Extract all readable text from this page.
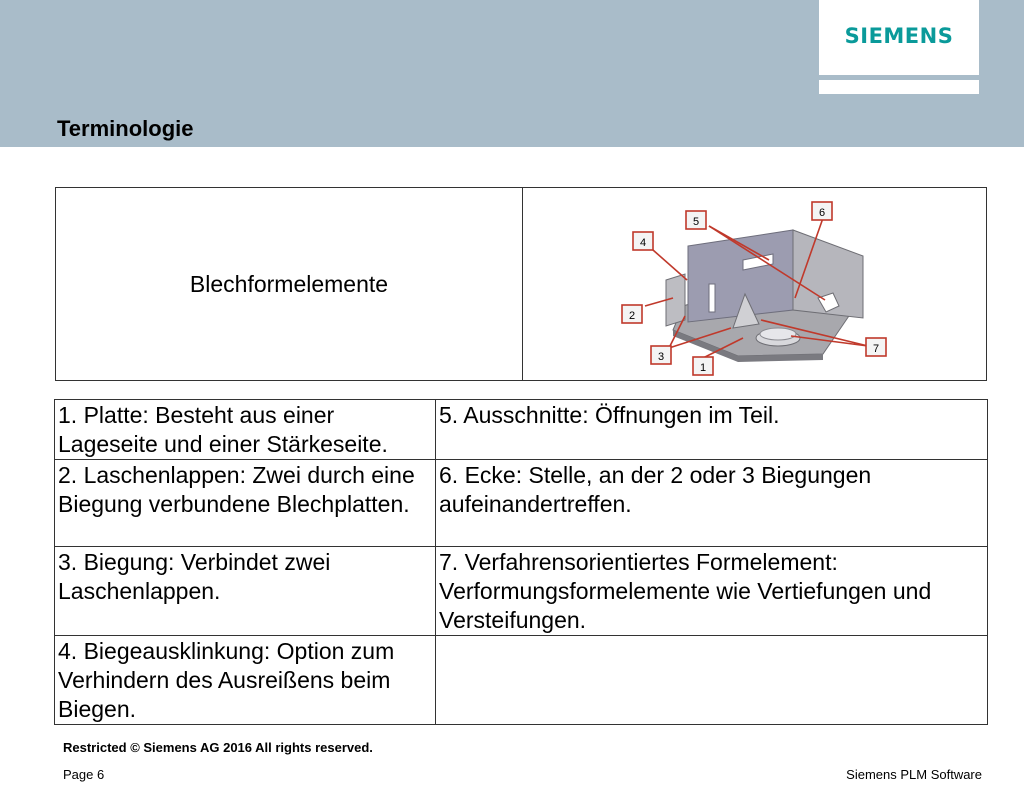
SIEMENS
Terminologie
Blechformelemente
4
5
6
2
3
1
7
1. Platte: Besteht aus einer Lageseite und einer Stärkeseite.	5. Ausschnitte: Öffnungen im Teil.
2. Laschenlappen: Zwei durch eine Biegung verbundene Blechplatten.	6. Ecke: Stelle, an der 2 oder 3 Biegungen aufeinandertreffen.
3. Biegung: Verbindet zwei Laschenlappen.	7. Verfahrensorientiertes Formelement: Verformungsformelemente wie Vertiefungen und Versteifungen.
4. Biegeausklinkung: Option zum Verhindern des Ausreißens beim Biegen.	
Restricted © Siemens AG 2016 All rights reserved.
Page 6	Siemens PLM Software
